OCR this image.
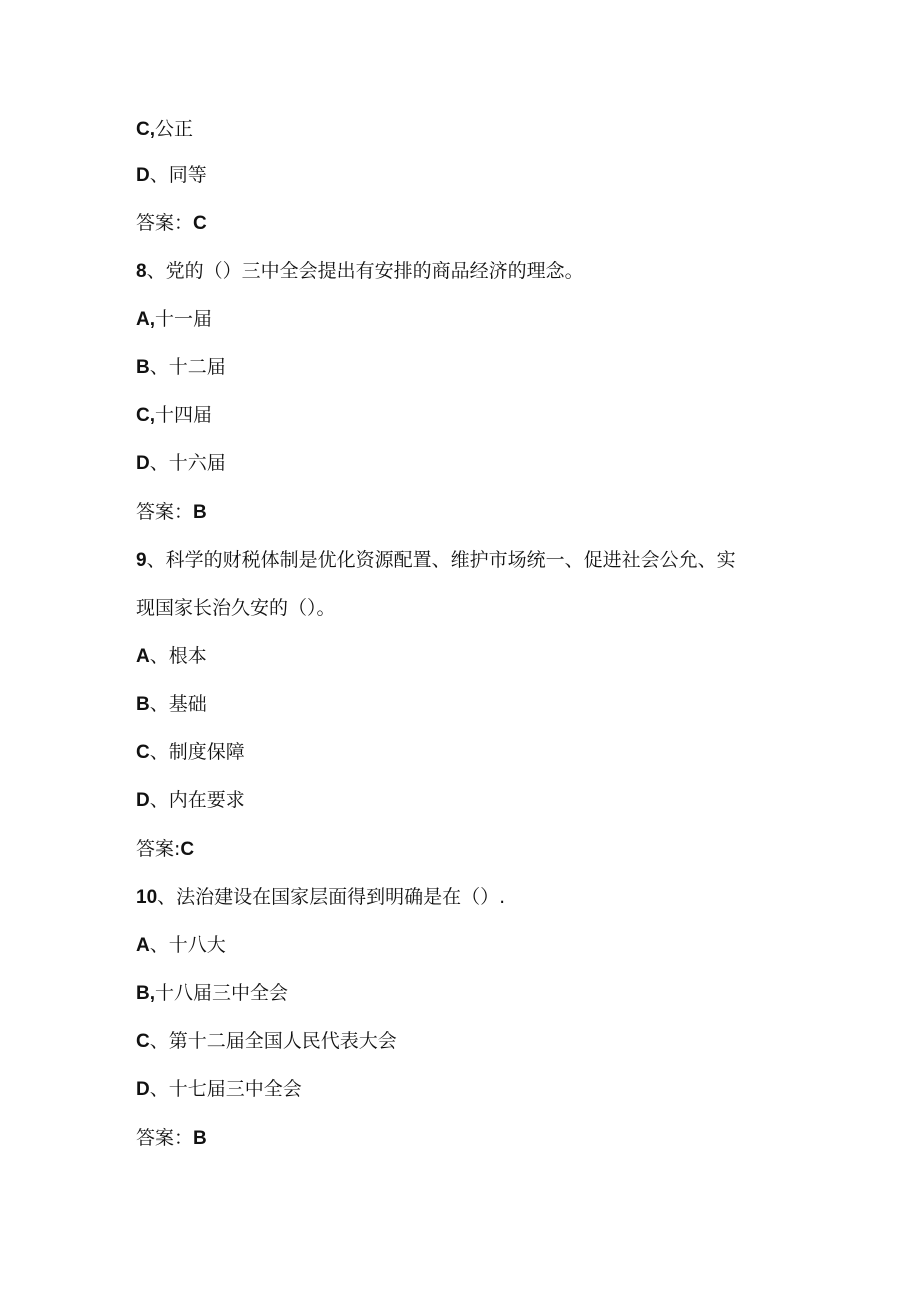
C,公正
D、同等
答案：C
8、党的（）三中全会提出有安排的商品经济的理念。
A,十一届
B、十二届
C,十四届
D、十六届
答案：B
9、科学的财税体制是优化资源配置、维护市场统一、促进社会公允、实
现国家长治久安的（）。
A、根本
B、基础
C、制度保障
D、内在要求
答案:C
10、法治建设在国家层面得到明确是在（）.
A、十八大
B,十八届三中全会
C、第十二届全国人民代表大会
D、十七届三中全会
答案：B
